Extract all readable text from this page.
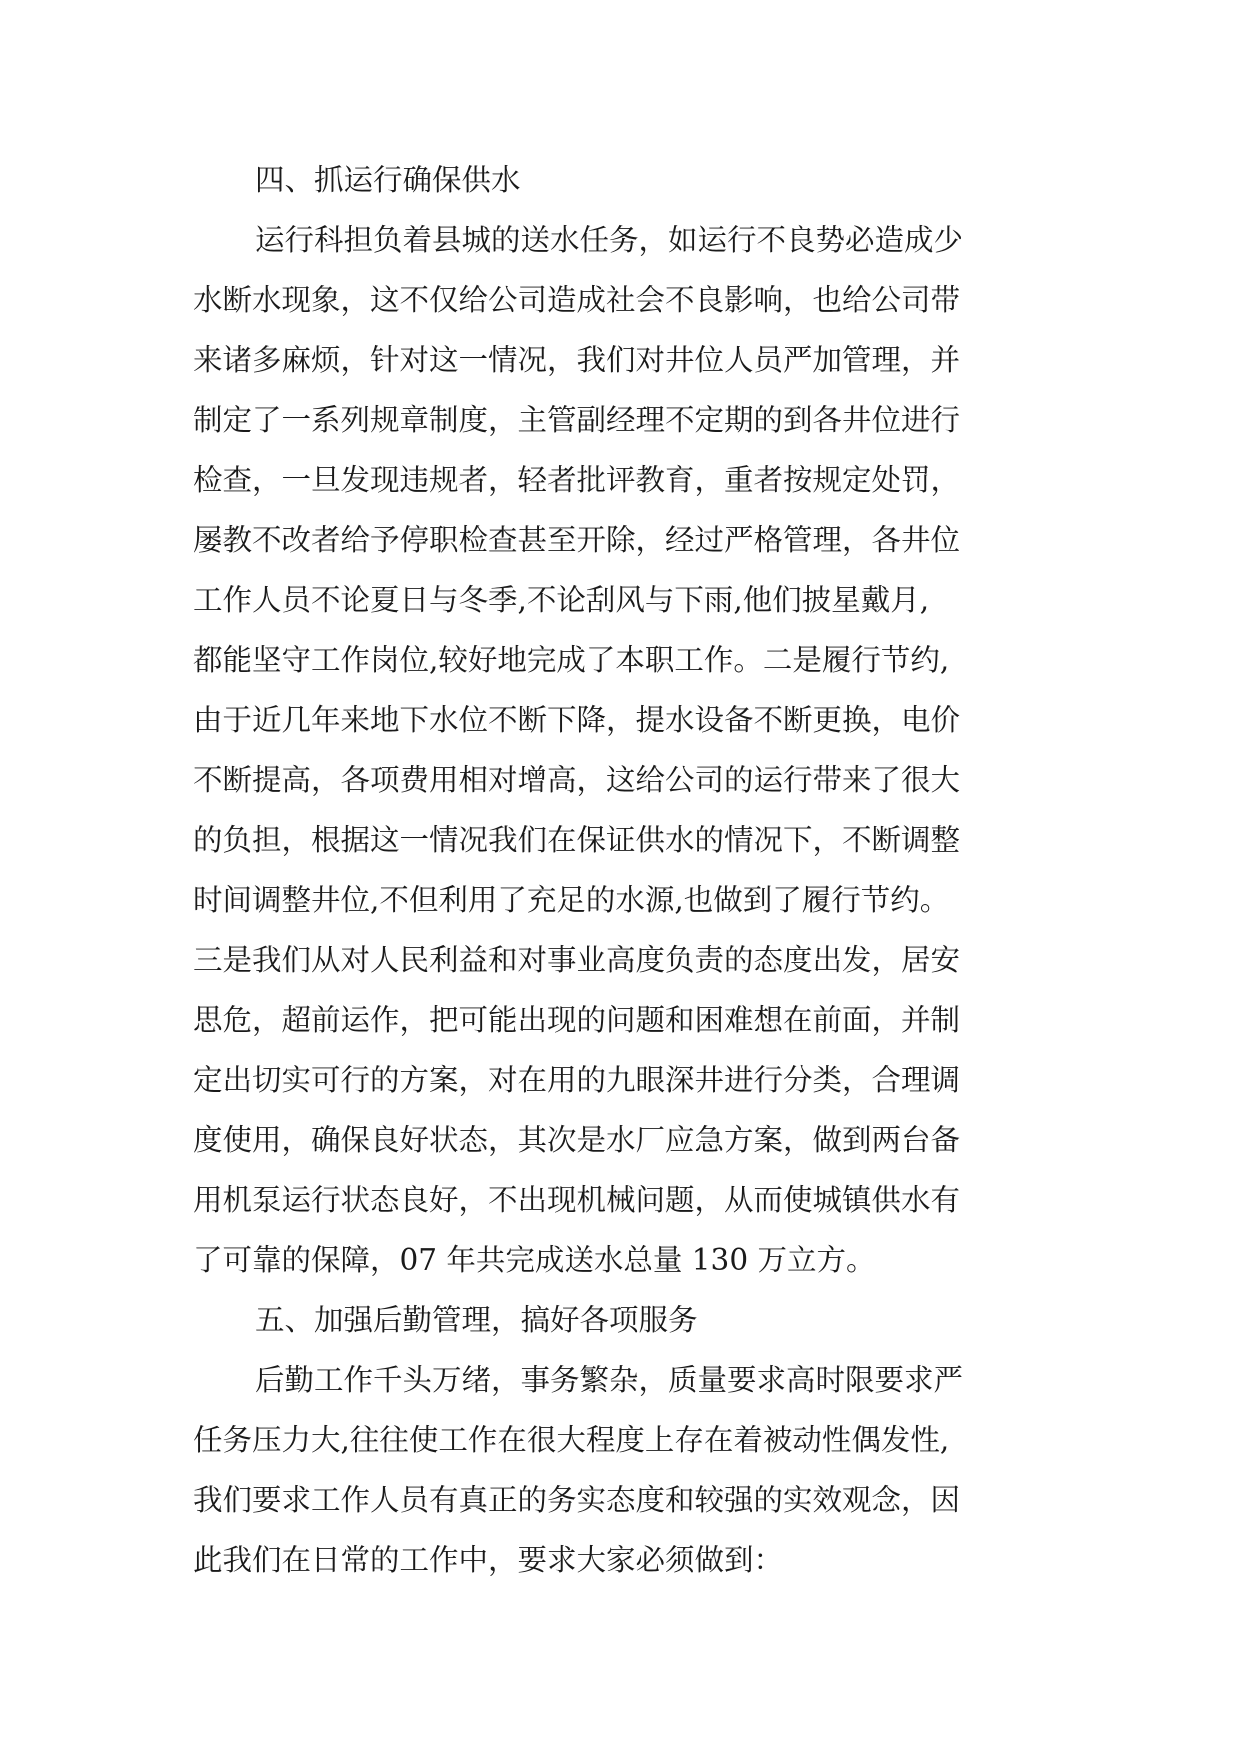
四、抓运行确保供水
运行科担负着县城的送水任务，如运行不良势必造成少
水断水现象，这不仅给公司造成社会不良影响，也给公司带
来诸多麻烦，针对这一情况，我们对井位人员严加管理，并
制定了一系列规章制度，主管副经理不定期的到各井位进行
检查，一旦发现违规者，轻者批评教育，重者按规定处罚，
屡教不改者给予停职检查甚至开除，经过严格管理，各井位
工作人员不论夏日与冬季,不论刮风与下雨,他们披星戴月,
都能坚守工作岗位,较好地完成了本职工作。二是履行节约,
由于近几年来地下水位不断下降，提水设备不断更换，电价
不断提高，各项费用相对增高，这给公司的运行带来了很大
的负担，根据这一情况我们在保证供水的情况下，不断调整
时间调整井位,不但利用了充足的水源,也做到了履行节约。
三是我们从对人民利益和对事业高度负责的态度出发，居安
思危，超前运作，把可能出现的问题和困难想在前面，并制
定出切实可行的方案，对在用的九眼深井进行分类，合理调
度使用，确保良好状态，其次是水厂应急方案，做到两台备
用机泵运行状态良好，不出现机械问题，从而使城镇供水有
了可靠的保障，07 年共完成送水总量 130 万立方。
五、加强后勤管理，搞好各项服务
后勤工作千头万绪，事务繁杂，质量要求高时限要求严
任务压力大,往往使工作在很大程度上存在着被动性偶发性,
我们要求工作人员有真正的务实态度和较强的实效观念，因
此我们在日常的工作中，要求大家必须做到：
